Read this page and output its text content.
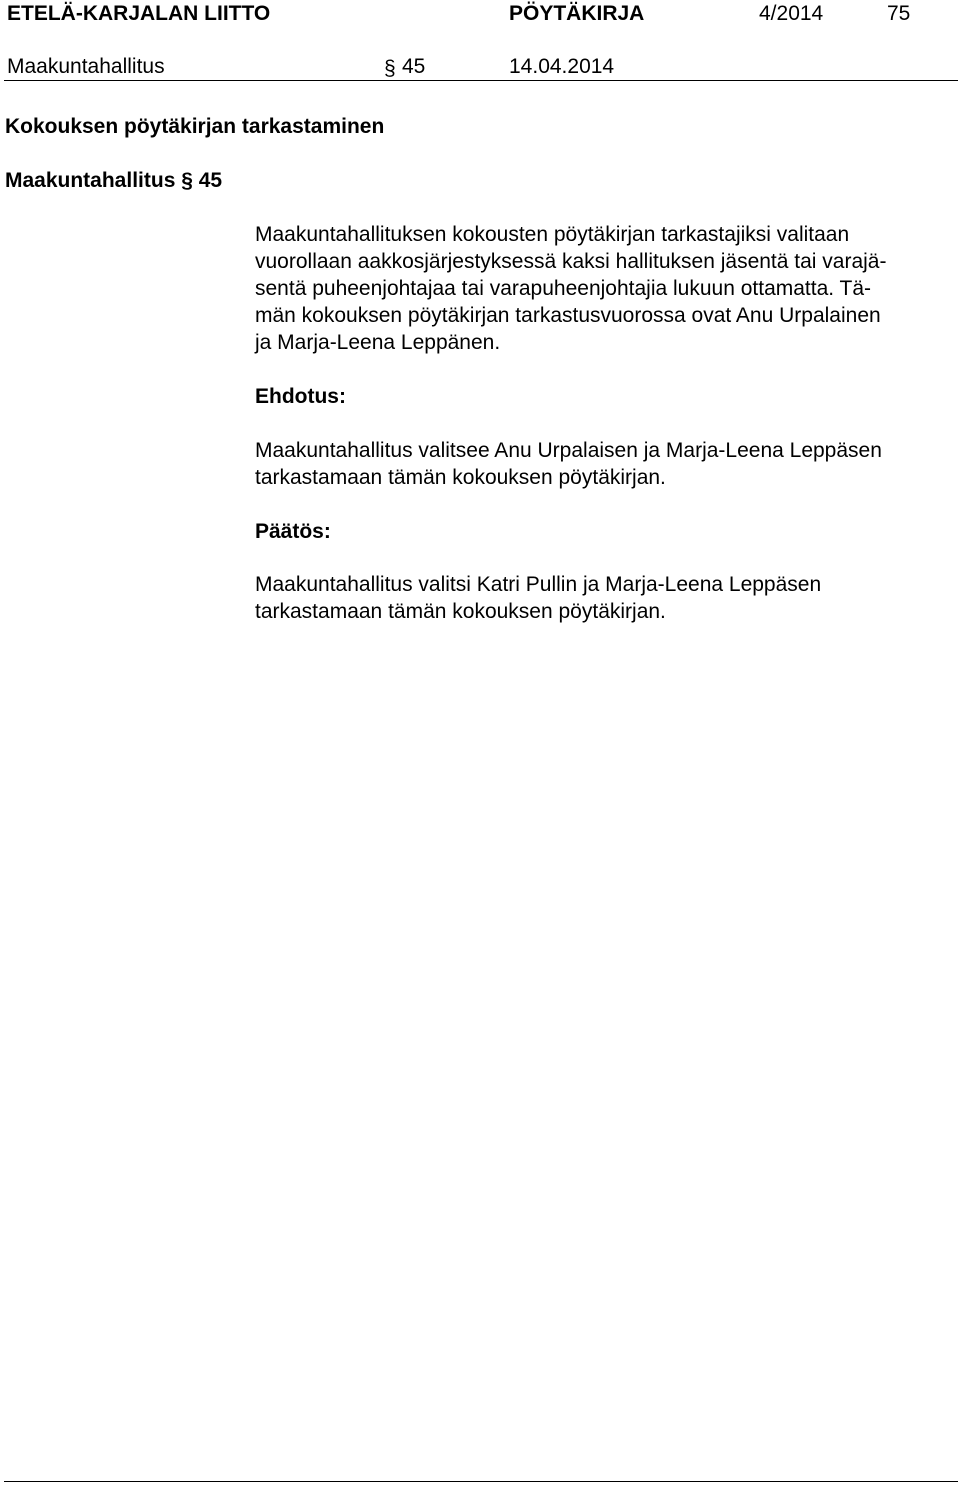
ETELÄ-KARJALAN LIITTO	PÖYTÄKIRJA	4/2014	75
Maakuntahallitus	§ 45	14.04.2014
Kokouksen pöytäkirjan tarkastaminen
Maakuntahallitus § 45

Maakuntahallituksen kokousten pöytäkirjan tarkastajiksi valitaan

vuorollaan aakkosjärjestyksessä kaksi hallituksen jäsentä tai varajä-

sentä puheenjohtajaa tai varapuheenjohtajia lukuun ottamatta. Tä-

män kokouksen pöytäkirjan tarkastusvuorossa ovat Anu Urpalainen

ja Marja-Leena Leppänen.

Ehdotus:

Maakuntahallitus valitsee Anu Urpalaisen ja Marja-Leena Leppäsen

tarkastamaan tämän kokouksen pöytäkirjan.

Päätös:

Maakuntahallitus valitsi Katri Pullin ja Marja-Leena Leppäsen

tarkastamaan tämän kokouksen pöytäkirjan.
